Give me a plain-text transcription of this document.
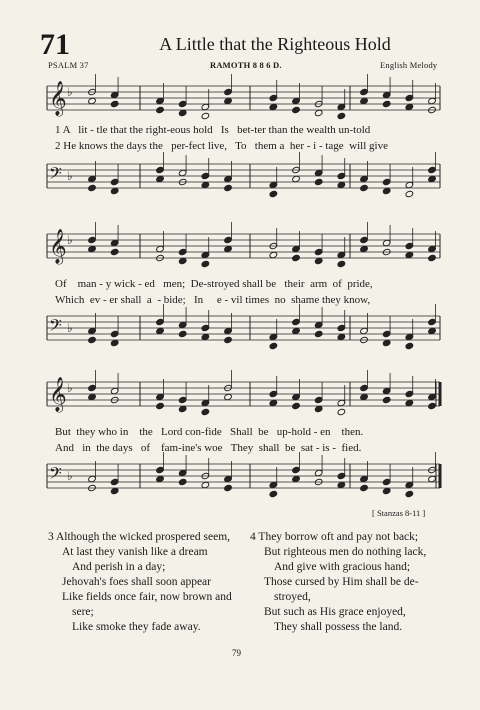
71	A Little that the Righteous Hold
PSALM 37	RAMOTH 8 8 6 D.	English Melody
𝄞 ♭
1 A   lit - tle that the right-eous hold   Is   bet-ter than the wealth un-told
2 He knows the days the   per-fect live,   To   them a  her - i - tage  will give
𝄢 ♭
𝄞 ♭
Of    man - y wick - ed   men;  De-stroyed shall be   their  arm  of  pride,
Which  ev - er shall  a  - bide;   In     e - vil times  no  shame they know,
𝄢 ♭
𝄞 ♭
But  they who in    the   Lord con-fide   Shall  be   up-hold - en    then.
And   in  the days   of    fam-ine's woe   They  shall  be  sat - is -  fied.
𝄢 ♭
[ Stanzas 8-11 ]
3 Although the wicked prospered seem,
At last they vanish like a dream
And perish in a day;
Jehovah's foes shall soon appear
Like fields once fair, now brown and
sere;
Like smoke they fade away.
4 They borrow oft and pay not back;
But righteous men do nothing lack,
And give with gracious hand;
Those cursed by Him shall be de-
stroyed,
But such as His grace enjoyed,
They shall possess the land.
79
